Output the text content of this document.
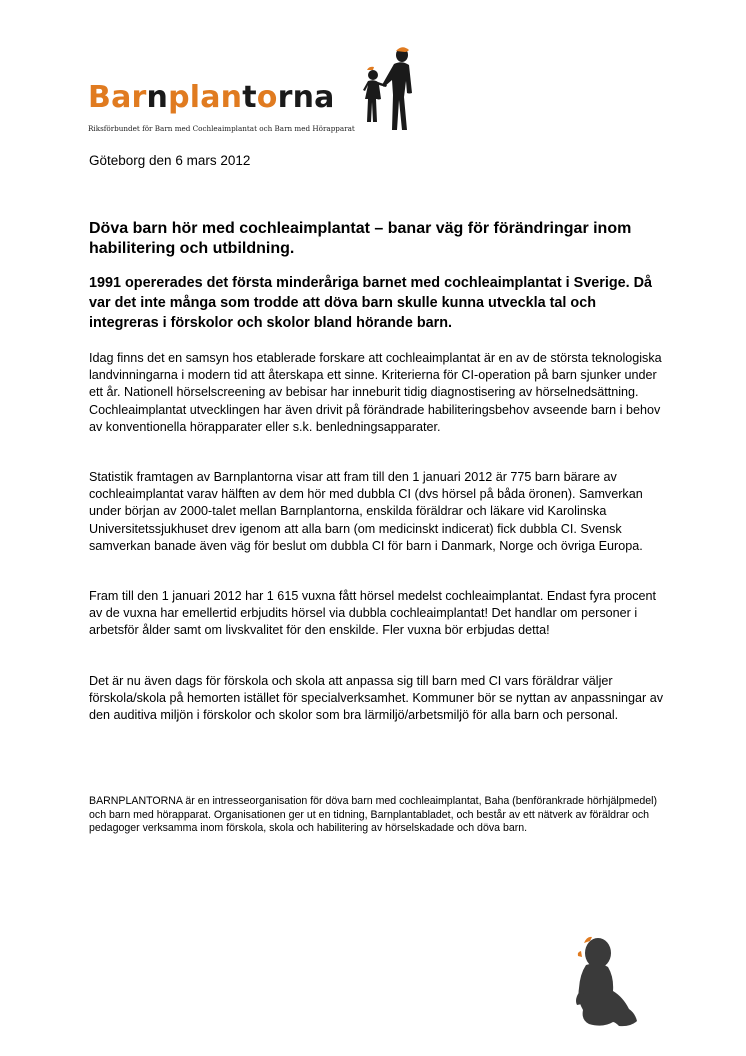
Barnplantorna
Riksförbundet för Barn med Cochleaimplantat och Barn med Hörapparat
Göteborg den 6 mars 2012
Döva barn hör med cochleaimplantat – banar väg för förändringar inom habilitering och utbildning.

1991 opererades det första minderåriga barnet med cochleaimplantat i Sverige. Då var det inte många som trodde att döva barn skulle kunna utveckla tal och integreras i förskolor och skolor bland hörande barn.

Idag finns det en samsyn hos etablerade forskare att cochleaimplantat är en av de största teknologiska landvinningarna i modern tid att återskapa ett sinne. Kriterierna för CI-operation på barn sjunker under ett år. Nationell hörselscreening av bebisar har inneburit tidig diagnostisering av hörselnedsättning. Cochleaimplantat utvecklingen har även drivit på förändrade habiliteringsbehov avseende barn i behov av konventionella hörapparater eller s.k. benledningsapparater.

Statistik framtagen av Barnplantorna visar att fram till den 1 januari 2012 är 775 barn bärare av cochleaimplantat varav hälften av dem hör med dubbla CI (dvs hörsel på båda öronen). Samverkan under början av 2000-talet mellan Barnplantorna, enskilda föräldrar och läkare vid Karolinska Universitetssjukhuset drev igenom att alla barn (om medicinskt indicerat) fick dubbla CI. Svensk samverkan banade även väg för beslut om dubbla CI för barn i Danmark, Norge och övriga Europa.

Fram till den 1 januari 2012 har 1 615 vuxna fått hörsel medelst cochleaimplantat. Endast fyra procent av de vuxna har emellertid erbjudits hörsel via dubbla cochleaimplantat! Det handlar om personer i arbetsför ålder samt om livskvalitet för den enskilde. Fler vuxna bör erbjudas detta!

Det är nu även dags för förskola och skola att anpassa sig till barn med CI vars föräldrar väljer förskola/skola på hemorten istället för specialverksamhet. Kommuner bör se nyttan av anpassningar av den auditiva miljön i förskolor och skolor som bra lärmiljö/arbetsmiljö för alla barn och personal.

BARNPLANTORNA är en intresseorganisation för döva barn med cochleaimplantat, Baha (benförankrade hörhjälpmedel) och barn med hörapparat. Organisationen ger ut en tidning, Barnplantabladet, och består av ett nätverk av föräldrar och pedagoger verksamma inom förskola, skola och habilitering av hörselskadade och döva barn.
